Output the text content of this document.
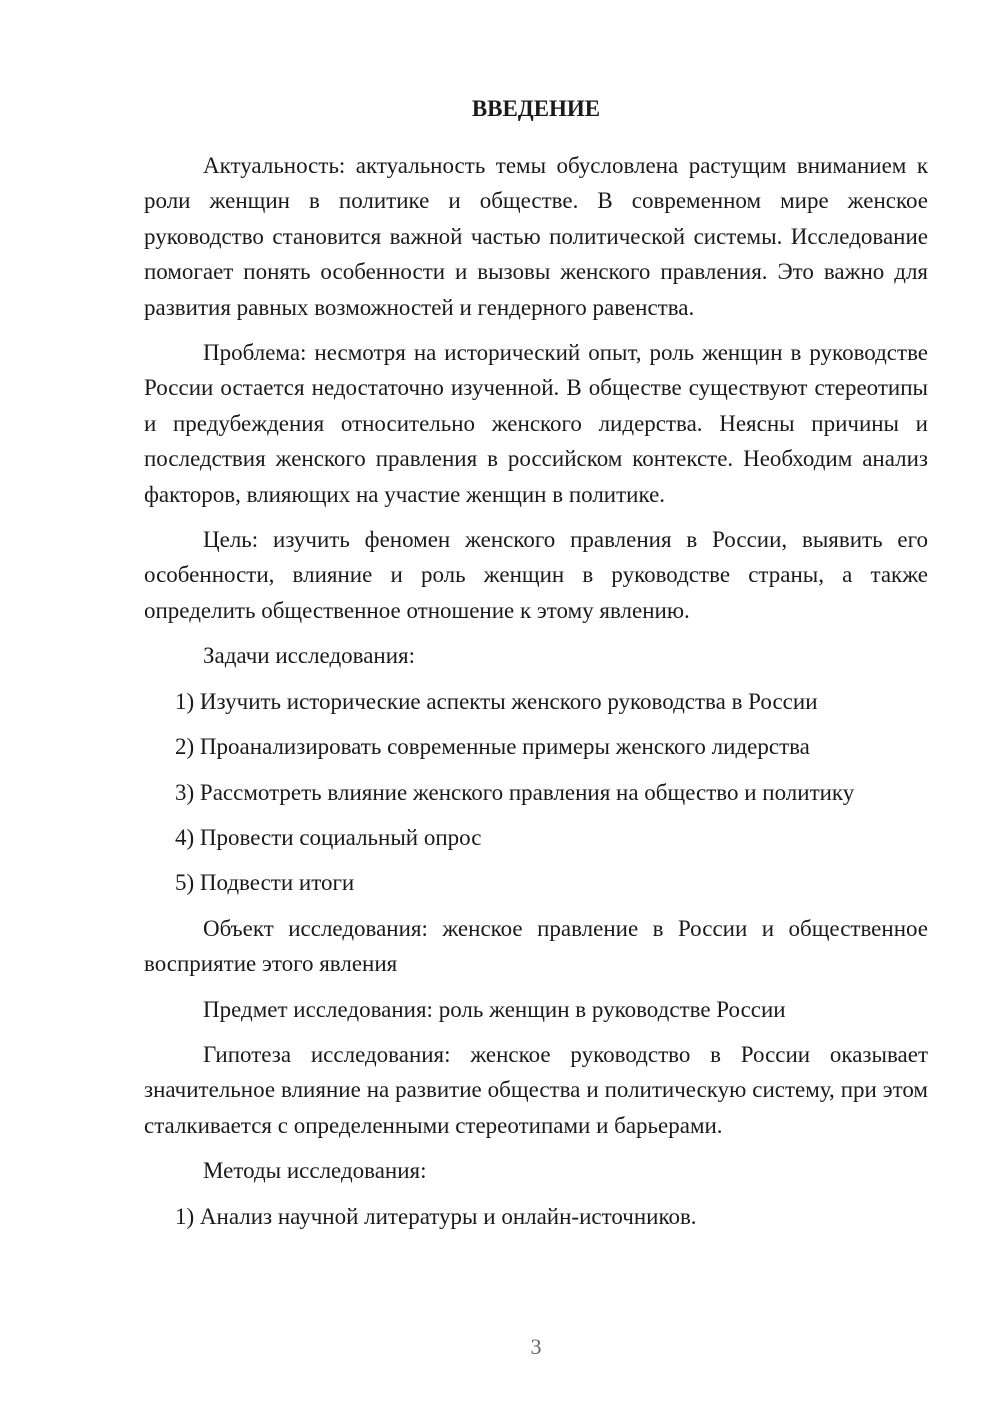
ВВЕДЕНИЕ

Актуальность: актуальность темы обусловлена растущим вниманием к роли женщин в политике и обществе. В современном мире женское руководство становится важной частью политической системы. Исследование помогает понять особенности и вызовы женского правления. Это важно для развития равных возможностей и гендерного равенства.

Проблема: несмотря на исторический опыт, роль женщин в руководстве России остается недостаточно изученной. В обществе существуют стереотипы и предубеждения относительно женского лидерства. Неясны причины и последствия женского правления в российском контексте. Необходим анализ факторов, влияющих на участие женщин в политике.

Цель: изучить феномен женского правления в России, выявить его особенности, влияние и роль женщин в руководстве страны, а также определить общественное отношение к этому явлению.

Задачи исследования:

1) Изучить исторические аспекты женского руководства в России

2) Проанализировать современные примеры женского лидерства

3) Рассмотреть влияние женского правления на общество и политику

4) Провести социальный опрос

5) Подвести итоги

Объект исследования: женское правление в России и общественное восприятие этого явления

Предмет исследования: роль женщин в руководстве России

Гипотеза исследования: женское руководство в России оказывает значительное влияние на развитие общества и политическую систему, при этом сталкивается с определенными стереотипами и барьерами.

Методы исследования:

1) Анализ научной литературы и онлайн-источников.

3
